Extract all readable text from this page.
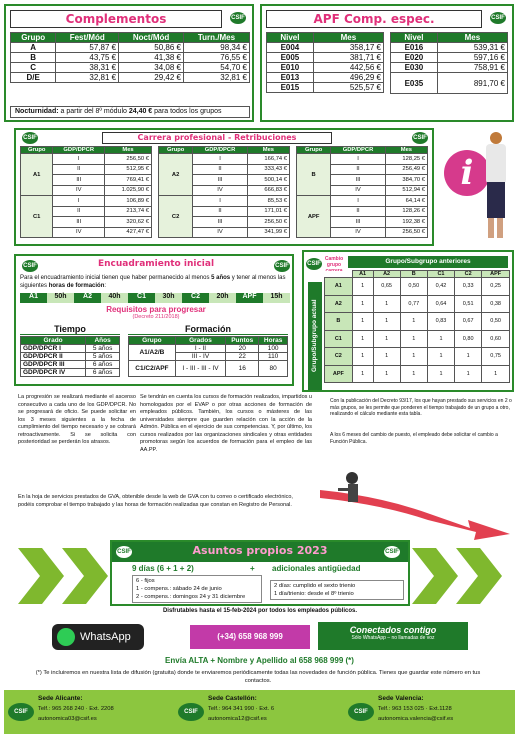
Complementos	CSIF
Grupo	Fest/Mód	Noct/Mód	Turn./Mes
A	57,87 €	50,86 €	98,34 €
B	43,75 €	41,38 €	76,55 €
C	38,31 €	34,08 €	54,70 €
D/E	32,81 €	29,42 €	32,81 €
Nocturnidad: a partir del 8º módulo 24,40 € para todos los grupos
APF Comp. espec.	CSIF
Nivel	Mes
E004	358,17 €
E005	381,71 €
E010	442,56 €
E013	496,29 €
E015	525,57 €
Nivel	Mes
E016	539,31 €
E020	597,16 €
E030	758,91 €
E035	891,70 €
Carrera profesional - Retribuciones
CSIF	CSIF
Grupo	GDP/DPCR	Mes
A1	I	256,50 €
	II	512,95 €
	III	769,41 €
	IV	1.025,90 €
C1	I	106,89 €
	II	213,74 €
	III	320,62 €
	IV	427,47 €
Grupo	GDP/DPCR	Mes
A2	I	166,74 €
	II	333,43 €
	III	500,14 €
	IV	666,83 €
C2	I	85,53 €
	II	171,01 €
	III	256,50 €
	IV	341,99 €
Grupo	GDP/DPCR	Mes
B	I	128,25 €
	II	256,49 €
	III	384,70 €
	IV	512,94 €
APF	I	64,14 €
	II	128,26 €
	III	192,38 €
	IV	256,50 €
i
CSIF	Encuadramiento inicial	CSIF
Para el encuadramiento inicial tienen que haber permanecido al menos 5 años y tener al menos las siguientes horas de formación:
A1	50h	A2	40h	C1	30h	C2	20h	APF	15h
Requisitos para progresar
(Decreto 211/2018)
Tiempo
Grado	Años
GDP/DPCR I	5 años
GDP/DPCR II	5 años
GDP/DPCR III	6 años
GDP/DPCR IV	6 años
Formación
Grupo	Grados	Puntos	Horas
A1/A2/B	I - II	20	100
	III - IV	22	110
C1/C2/APF	I - III - III - IV	16	80
CSIF
Cambio grupo	Grupo/Subgrupo anteriores
Grupo/Subgrupo actual
	A1	A2	B	C1	C2	APF
A1	1	0,65	0,50	0,42	0,33	0,25
A2	1	1	0,77	0,64	0,51	0,38
B	1	1	1	0,83	0,67	0,50
C1	1	1	1	1	0,80	0,60
C2	1	1	1	1	1	0,75
APF	1	1	1	1	1	1
Con la publicación del Decreto 93/17, los que hayan prestado sus servicios en 2 o más grupos, se les permite que ponderen el tiempo trabajado de un grupo a otro, realizando el cálculo mediante esta tabla.
A los 6 meses del cambio de puesto, el empleado debe solicitar el cambio a Función Pública.
La progresión se realizará mediante el ascenso consecutivo a cada uno de los GDP/DPCR. No se progresará de oficio. Se puede solicitar en los 3 meses siguientes a la fecha de cumplimiento del tiempo necesario y se cobrará retroactivamente. Si se solicita con posterioridad se perderán los atrasos.
Se tendrán en cuenta los cursos de formación realizados, impartidos u homologados por el EVAP o por otras acciones de formación de empleados públicos. También, los cursos o másteres de las universidades siempre que guarden relación con la acción de la Admón. Pública en el ejercicio de sus competencias. Y, por último, los cursos realizados por las organizaciones sindicales y otras entidades promotoras según los acuerdos de formación para el empleo de las AA.PP.
En la hoja de servicios prestados de GVA, obtenible desde la web de GVA con tu correo o certificado electrónico, podéis comprobar el tiempo trabajado y las horas de formación realizadas que constan en Registro de Personal.
CSIF	Asuntos propios 2023	CSIF
9 días (6 + 1 + 2)	+ adicionales antigüedad
6 - fijos
1 - compens.: sábado 24 de junio
2 - compens.: domingos 24 y 31 diciembre
2 días: cumplido el sexto trienio
1 día/trienio: desde el 8º trienio
Disfrutables hasta el 15-feb-2024 por todos los empleados públicos.
WhatsApp	(+34) 658 968 999
Conectados contigo
Sólo WhatsApp – no llamadas de voz
Envía ALTA + Nombre y Apellido al 658 968 999 (*)
(*) Te incluiremos en nuestra lista de difusión (gratuita) donde te enviaremos periódicamente todas las novedades de función pública. Tienes que guardar este número en tus contactos.
CSIF
Sede Alicante:
Telf.: 965 268 240 · Ext. 2208
autonomica03@csif.es
CSIF
Sede Castellón:
Telf.: 964 341 990 · Ext. 6
autonomica12@csif.es
CSIF
Sede Valencia:
Telf.: 963 153 025 · Ext.1128
autonomica.valencia@csif.es
